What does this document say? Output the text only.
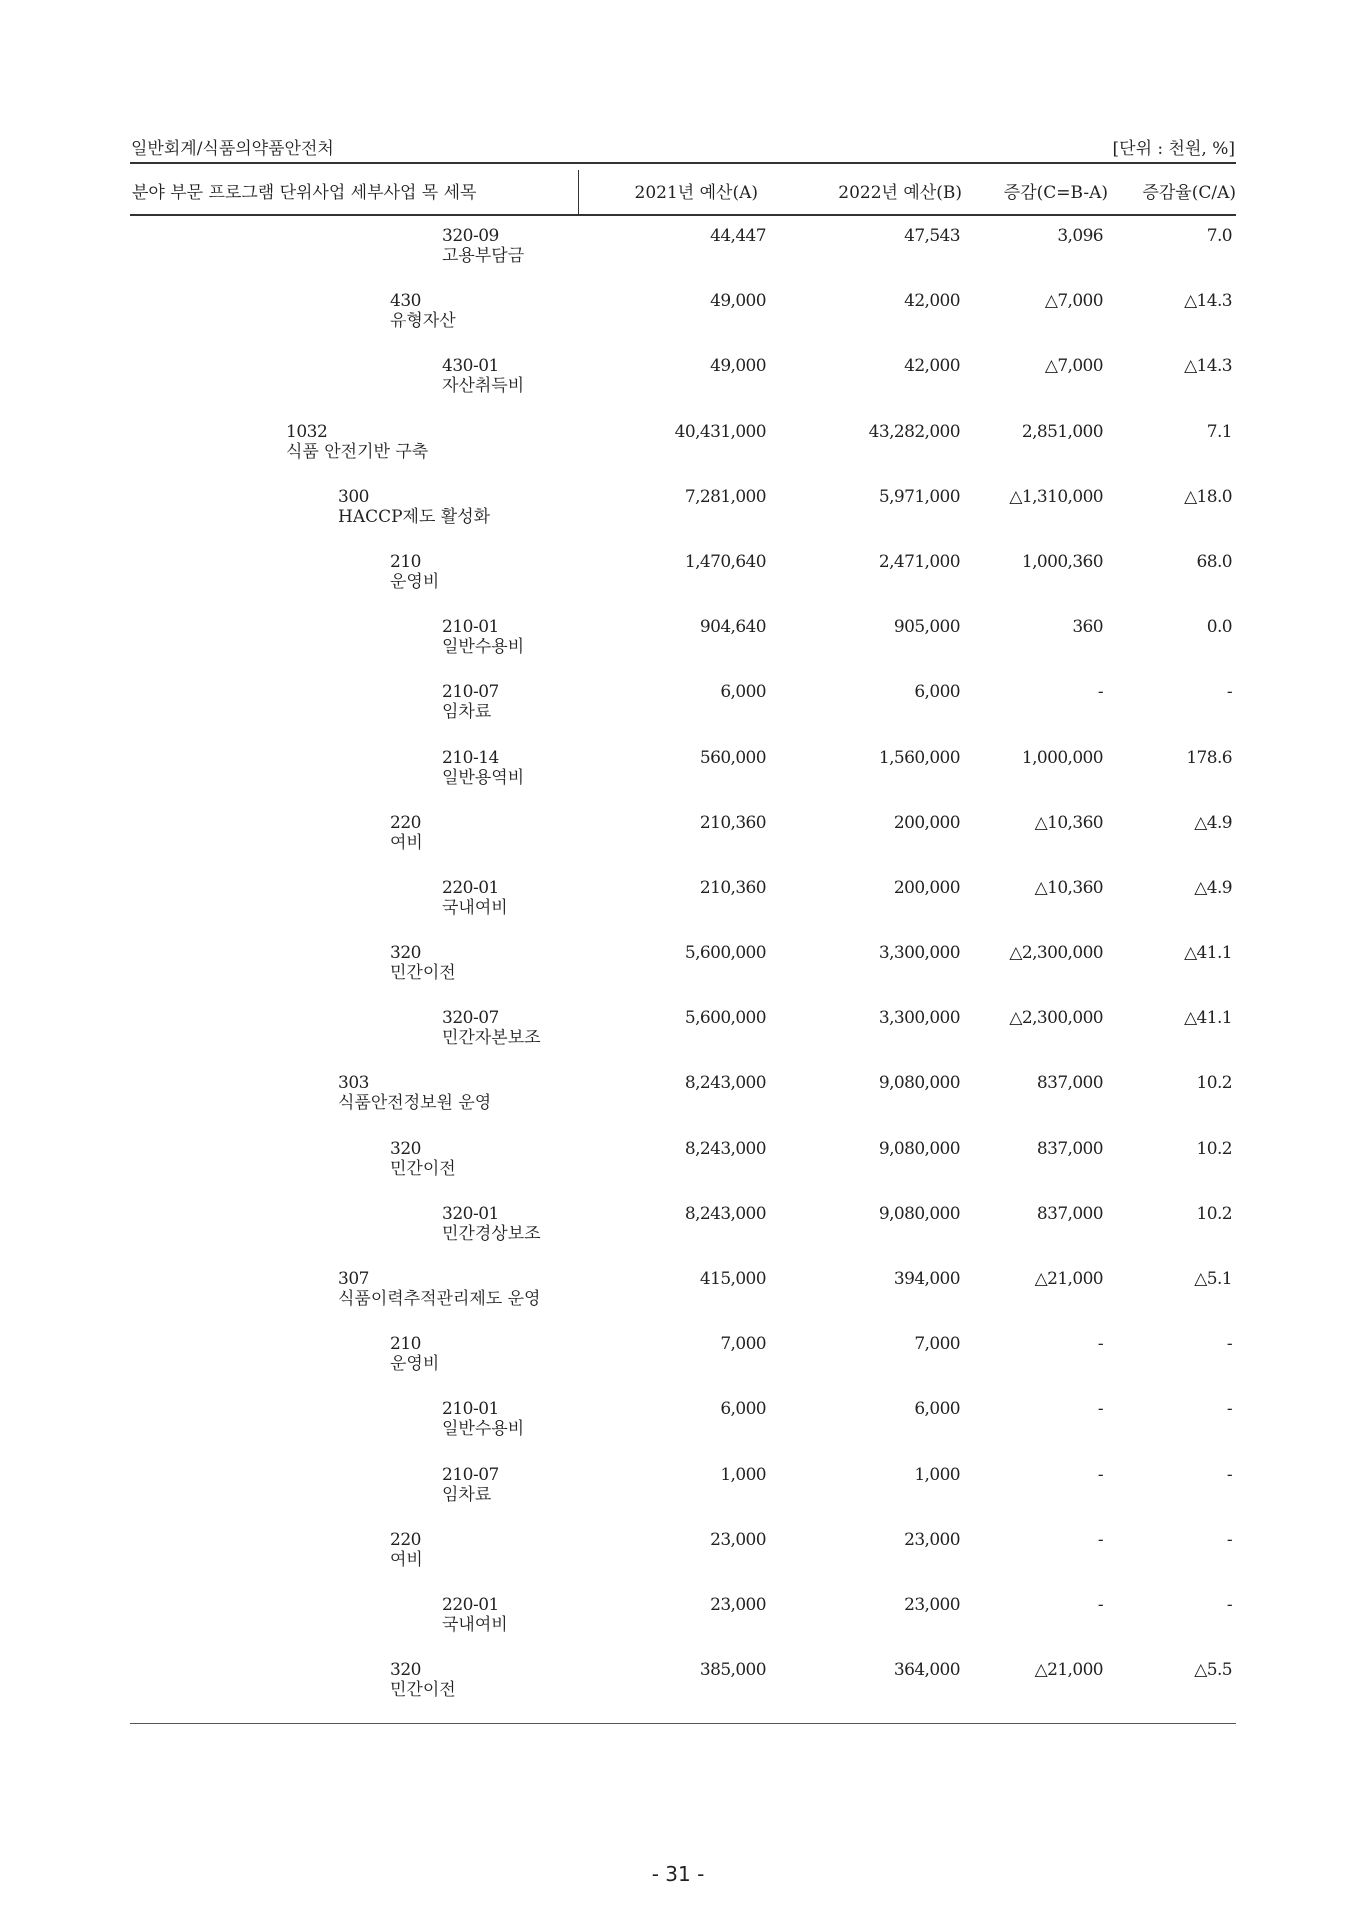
일반회계/식품의약품안전처	[단위 : 천원, %]
분야 부문 프로그램 단위사업 세부사업 목 세목	2021년 예산(A)	2022년 예산(B) 증감(C=B-A) 증감율(C/A)
320-09
고용부담금
44,447	47,543	3,096	7.0
430
유형자산
49,000	42,000	△7,000	△14.3
430-01
자산취득비
49,000	42,000	△7,000	△14.3
1032
식품 안전기반 구축
40,431,000	43,282,000	2,851,000	7.1
300
HACCP제도 활성화
7,281,000	5,971,000	△1,310,000	△18.0
210
운영비
1,470,640	2,471,000	1,000,360	68.0
210-01
일반수용비
904,640	905,000	360	0.0
210-07
임차료
6,000	6,000	-	-
210-14
일반용역비
560,000	1,560,000	1,000,000	178.6
220
여비
210,360	200,000	△10,360	△4.9
220-01
국내여비
210,360	200,000	△10,360	△4.9
320
민간이전
5,600,000	3,300,000	△2,300,000	△41.1
320-07
민간자본보조
5,600,000	3,300,000	△2,300,000	△41.1
303
식품안전정보원 운영
8,243,000	9,080,000	837,000	10.2
320
민간이전
8,243,000	9,080,000	837,000	10.2
320-01
민간경상보조
8,243,000	9,080,000	837,000	10.2
307
식품이력추적관리제도 운영
415,000	394,000	△21,000	△5.1
210
운영비
7,000	7,000	-	-
210-01
일반수용비
6,000	6,000	-	-
210-07
임차료
1,000	1,000	-	-
220
여비
23,000	23,000	-	-
220-01
국내여비
23,000	23,000	-	-
320
민간이전
385,000	364,000	△21,000	△5.5
- 31 -
